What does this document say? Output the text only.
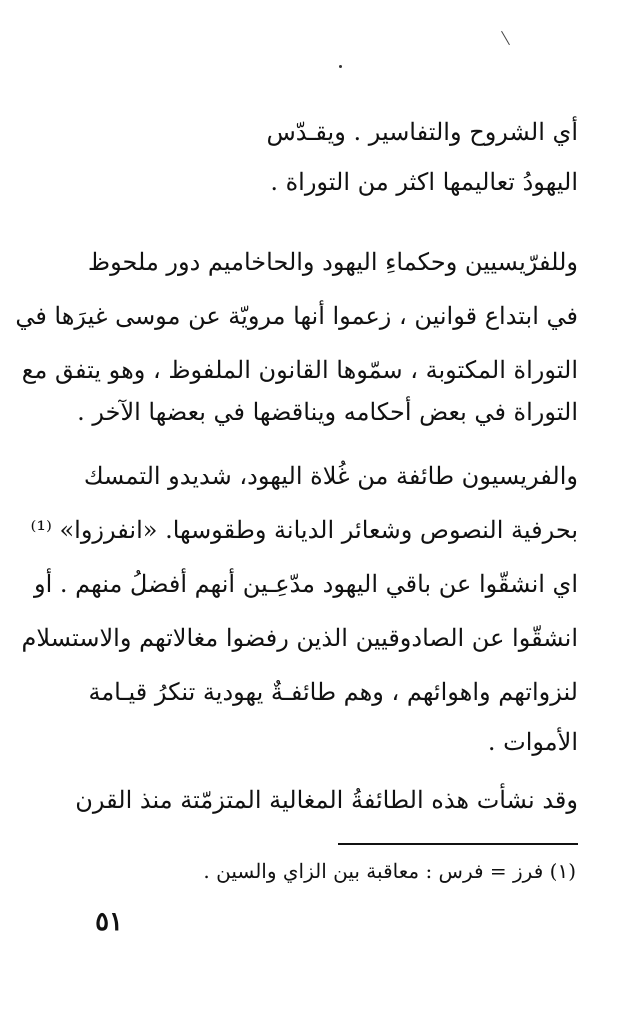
أي الشروح والتفاسير . ويقـدّس
اليهودُ تعاليمها اكثر من التوراة .
وللفرّيسيين وحكماءِ اليهود والحاخاميم دور ملحوظ
في ابتداع قوانين ، زعموا أنها مرويّة عن موسى غيرَها في
التوراة المكتوبة ، سمّوها القانون الملفوظ ، وهو يتفق مع
التوراة في بعض أحكامه ويناقضها في بعضها الآخر .
والفريسيون طائفة من غُلاة اليهود، شديدو التمسك
بحرفية النصوص وشعائر الديانة وطقوسها. «انفرزوا» ⁽¹⁾
اي انشقّوا عن باقي اليهود مدّعِـين أنهم أفضلُ منهم . أو
انشقّوا عن الصادوقيين الذين رفضوا مغالاتهم والاستسلام
لنزواتهم واهوائهم ، وهم طائفـةٌ يهودية تنكرُ قيـامة
الأموات .
وقد نشأت هذه الطائفةُ المغالية المتزمّتة منذ القرن
(١) فرز = فرس : معاقبة بين الزاي والسين .
٥١
